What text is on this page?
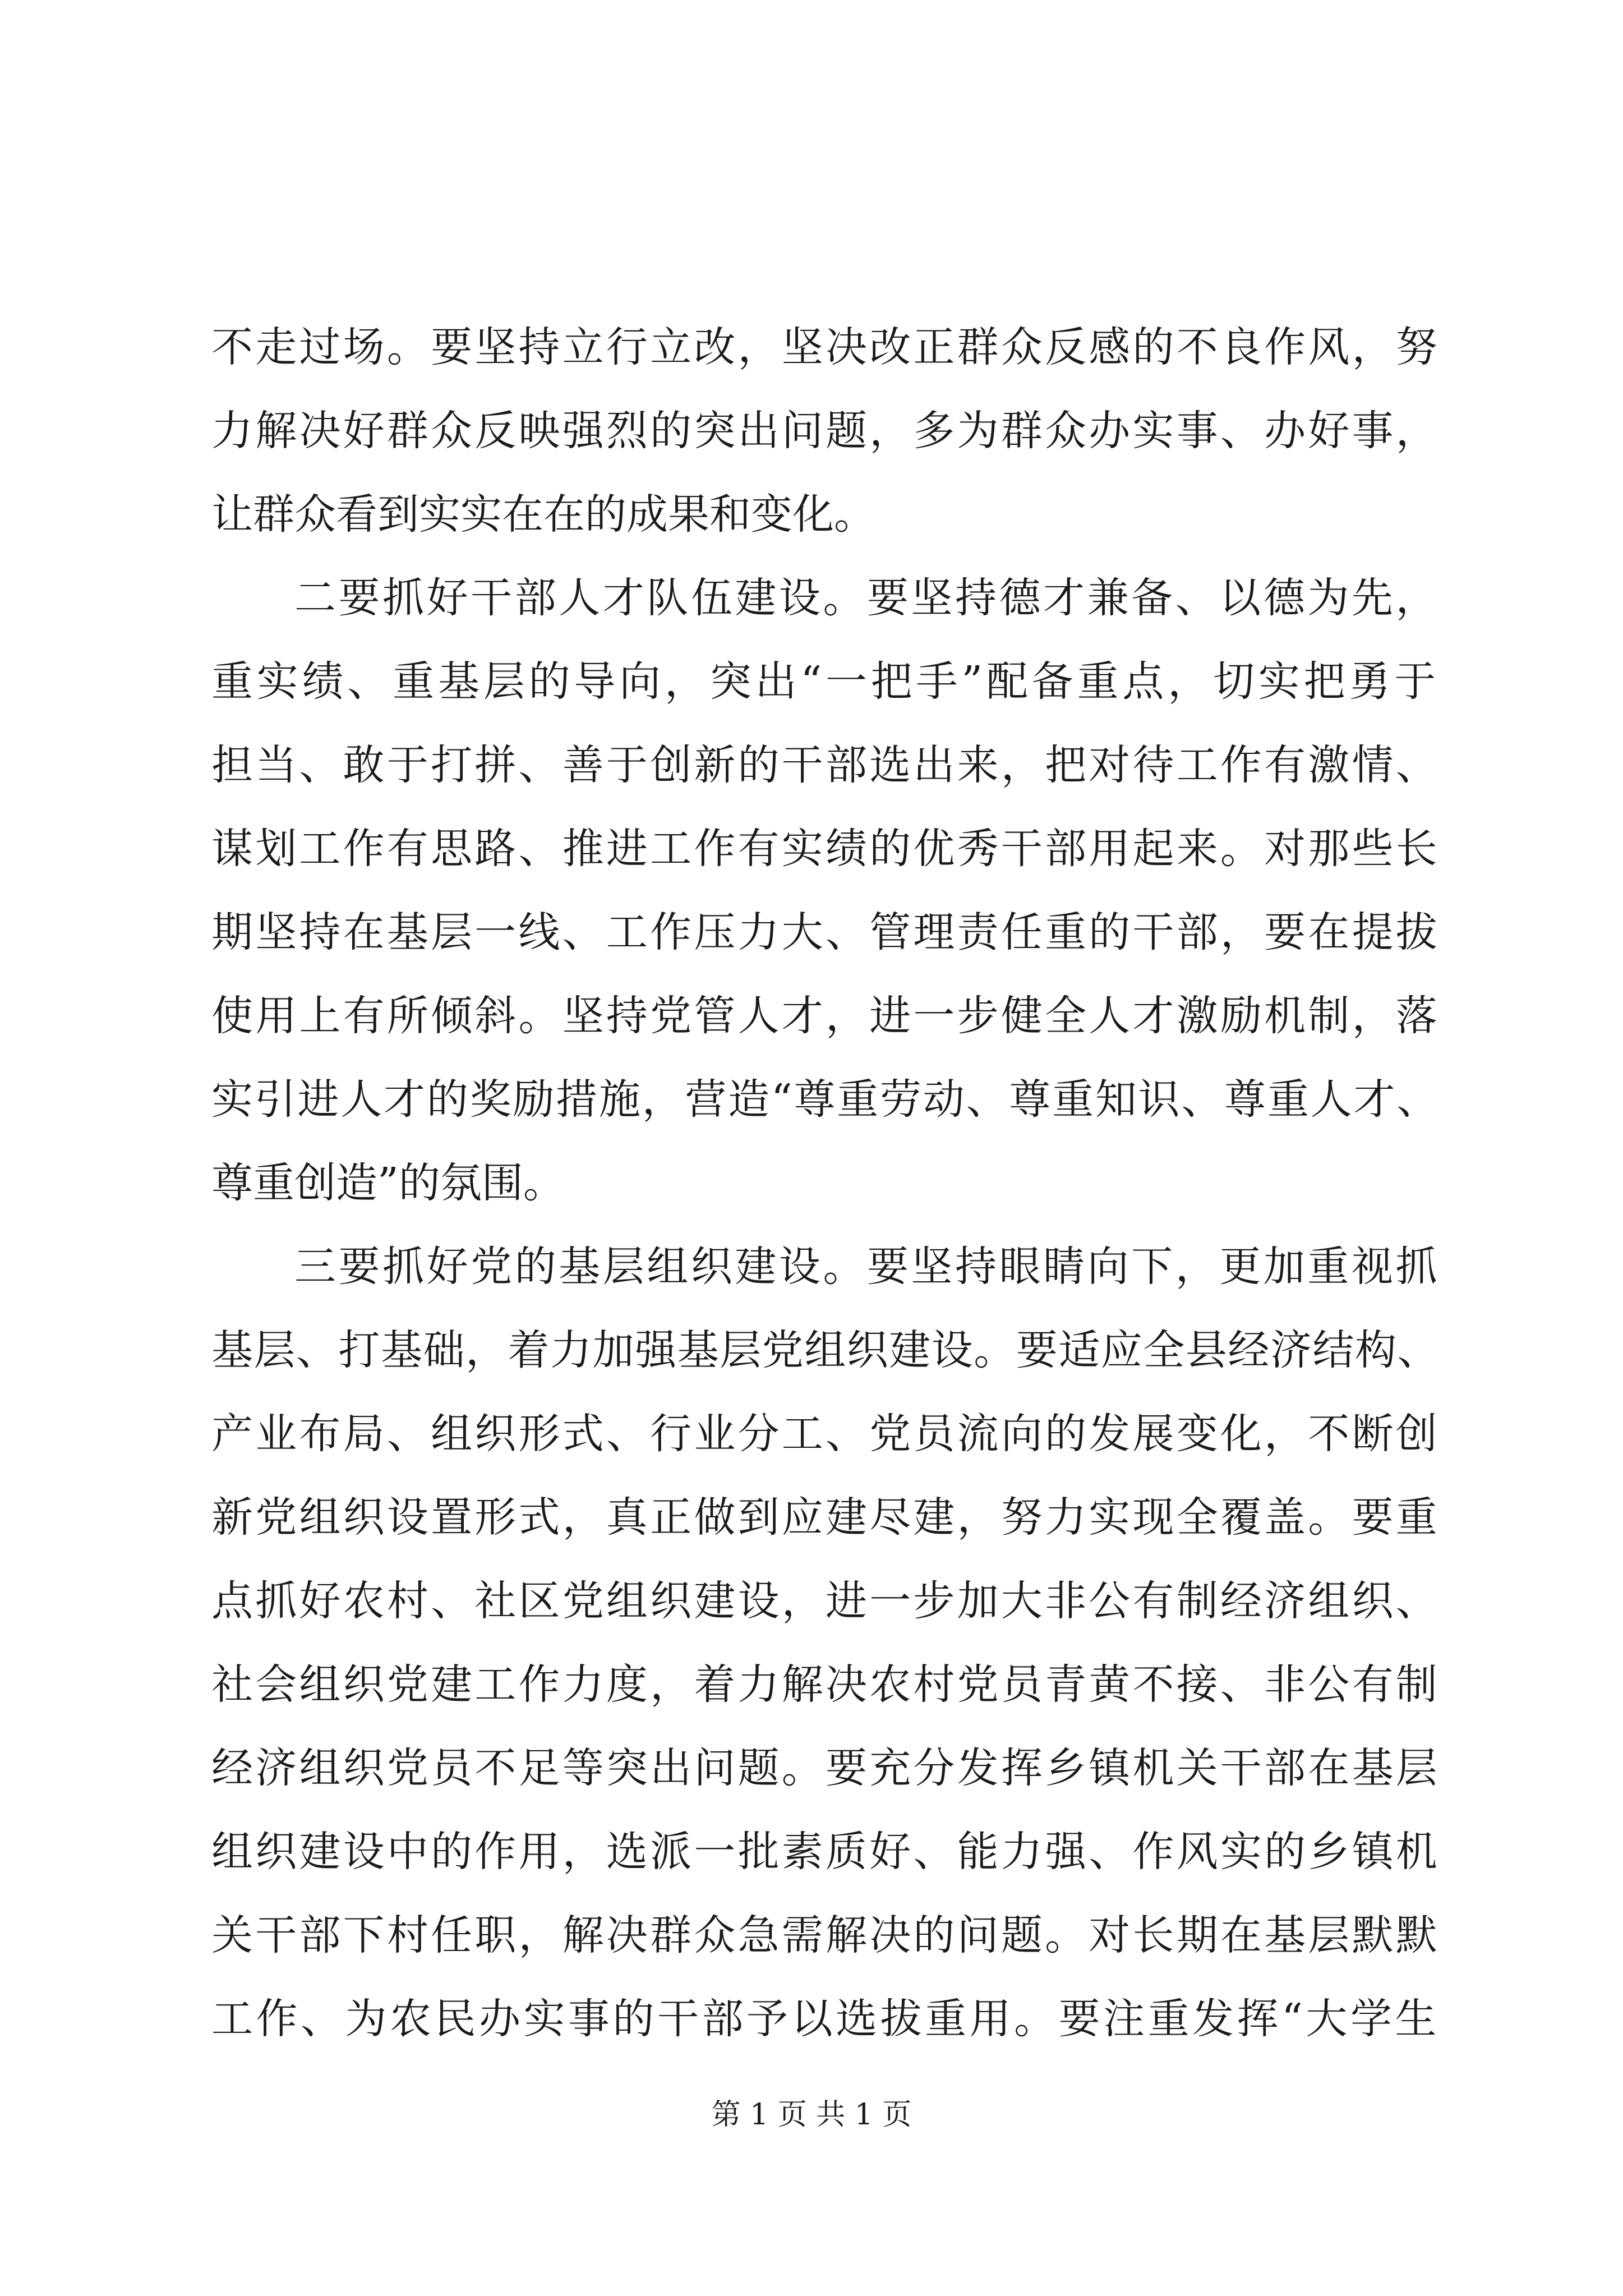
不走过场。要坚持立行立改，坚决改正群众反感的不良作风，努
力解决好群众反映强烈的突出问题，多为群众办实事、办好事，
让群众看到实实在在的成果和变化。
二要抓好干部人才队伍建设。要坚持德才兼备、以德为先，
重实绩、重基层的导向，突出“一把手”配备重点，切实把勇于
担当、敢于打拼、善于创新的干部选出来，把对待工作有激情、
谋划工作有思路、推进工作有实绩的优秀干部用起来。对那些长
期坚持在基层一线、工作压力大、管理责任重的干部，要在提拔
使用上有所倾斜。坚持党管人才，进一步健全人才激励机制，落
实引进人才的奖励措施，营造“尊重劳动、尊重知识、尊重人才、
尊重创造”的氛围。
三要抓好党的基层组织建设。要坚持眼睛向下，更加重视抓
基层、打基础，着力加强基层党组织建设。要适应全县经济结构、
产业布局、组织形式、行业分工、党员流向的发展变化，不断创
新党组织设置形式，真正做到应建尽建，努力实现全覆盖。要重
点抓好农村、社区党组织建设，进一步加大非公有制经济组织、
社会组织党建工作力度，着力解决农村党员青黄不接、非公有制
经济组织党员不足等突出问题。要充分发挥乡镇机关干部在基层
组织建设中的作用，选派一批素质好、能力强、作风实的乡镇机
关干部下村任职，解决群众急需解决的问题。对长期在基层默默
工作、为农民办实事的干部予以选拔重用。要注重发挥“大学生
第 1 页 共 1 页
